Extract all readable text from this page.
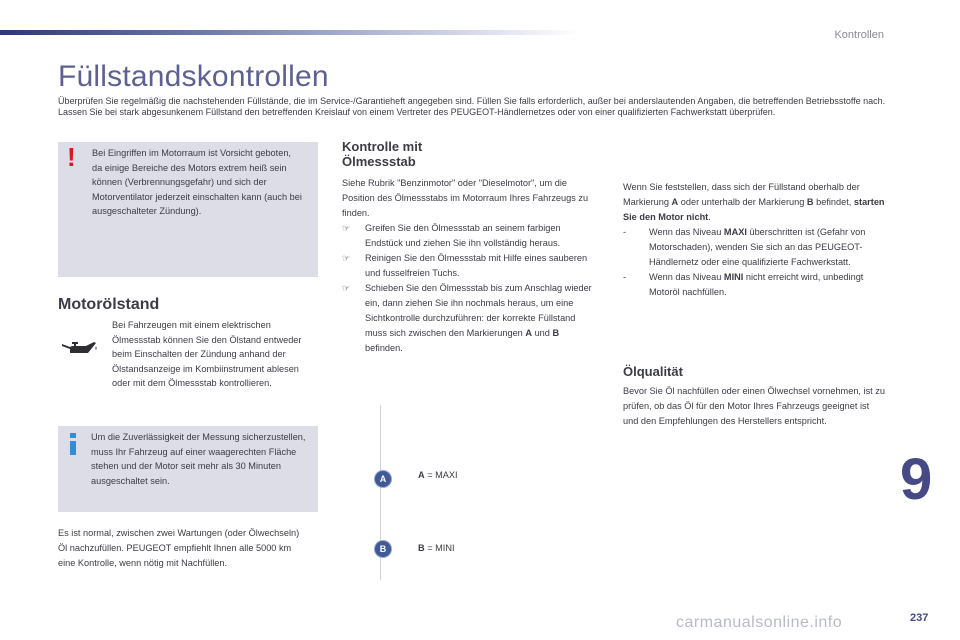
Kontrollen
Füllstandskontrollen

Überprüfen Sie regelmäßig die nachstehenden Füllstände, die im Service-/Garantieheft angegeben sind. Füllen Sie falls erforderlich, außer bei anderslautenden Angaben, die betreffenden Betriebsstoffe nach.

Lassen Sie bei stark abgesunkenem Füllstand den betreffenden Kreislauf von einem Vertreter des PEUGEOT-Händlernetzes oder von einer qualifizierten Fachwerkstatt überprüfen.

! Bei Eingriffen im Motorraum ist Vorsicht geboten, da einige Bereiche des Motors extrem heiß sein können (Verbrennungsgefahr) und sich der Motorventilator jederzeit einschalten kann (auch bei ausgeschalteter Zündung).
Motorölstand
Bei Fahrzeugen mit einem elektrischen Ölmessstab können Sie den Ölstand entweder beim Einschalten der Zündung anhand der Ölstandsanzeige im Kombiinstrument ablesen oder mit dem Ölmessstab kontrollieren.
Um die Zuverlässigkeit der Messung sicherzustellen, muss Ihr Fahrzeug auf einer waagerechten Fläche stehen und der Motor seit mehr als 30 Minuten ausgeschaltet sein.
Es ist normal, zwischen zwei Wartungen (oder Ölwechseln) Öl nachzufüllen. PEUGEOT empfiehlt Ihnen alle 5000 km eine Kontrolle, wenn nötig mit Nachfüllen.
Kontrolle mit
Ölmessstab

Siehe Rubrik "Benzinmotor" oder "Dieselmotor", um die Position des Ölmessstabs im Motorraum Ihres Fahrzeugs zu finden.

☞ Greifen Sie den Ölmessstab an seinem farbigen Endstück und ziehen Sie ihn vollständig heraus.

☞ Reinigen Sie den Ölmessstab mit Hilfe eines sauberen und fusselfreien Tuchs.

☞ Schieben Sie den Ölmessstab bis zum Anschlag wieder ein, dann ziehen Sie ihn nochmals heraus, um eine Sichtkontrolle durchzuführen: der korrekte Füllstand muss sich zwischen den Markierungen A und B befinden.

A	A = MAXI
B	B = MINI

Wenn Sie feststellen, dass sich der Füllstand oberhalb der Markierung A oder unterhalb der Markierung B befindet, starten Sie den Motor nicht.

- Wenn das Niveau MAXI überschritten ist (Gefahr von Motorschaden), wenden Sie sich an das PEUGEOT-Händlernetz oder eine qualifizierte Fachwerkstatt.

- Wenn das Niveau MINI nicht erreicht wird, unbedingt Motoröl nachfüllen.

Ölqualität
Bevor Sie Öl nachfüllen oder einen Ölwechsel vornehmen, ist zu prüfen, ob das Öl für den Motor Ihres Fahrzeugs geeignet ist und den Empfehlungen des Herstellers entspricht.
9
carmanualsonline.info	237
